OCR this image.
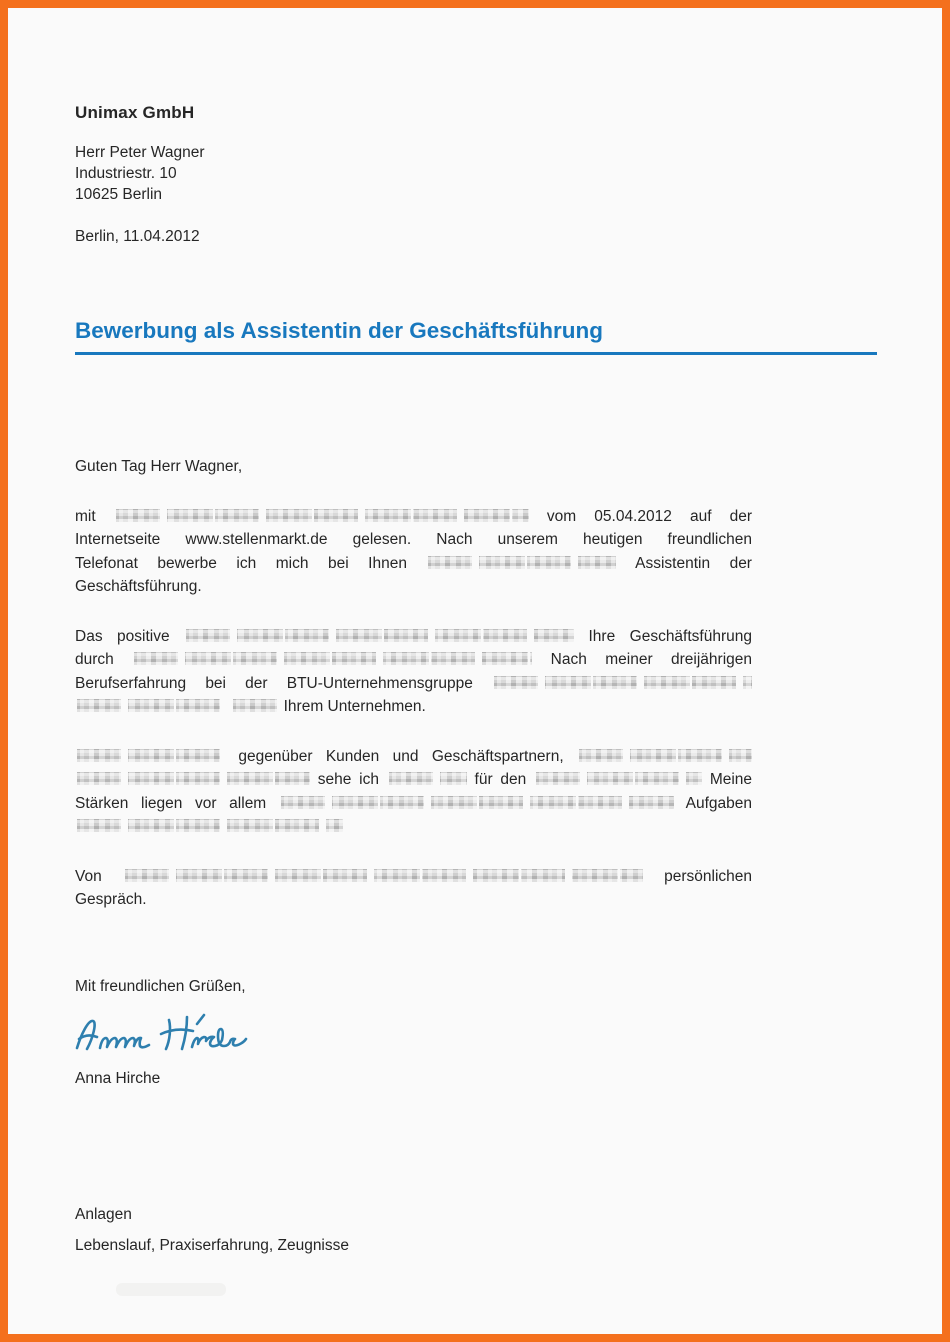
Unimax GmbH
Herr Peter Wagner
Industriestr. 10
10625 Berlin
Berlin, 11.04.2012
Bewerbung als Assistentin der Geschäftsführung
Guten Tag Herr Wagner,
mit	vom 05.04.2012 auf der
Internetseite www.stellenmarkt.de gelesen. Nach unserem heutigen freundlichen
Telefonat bewerbe ich mich bei Ihnen	Assistentin der
Geschäftsführung.
Das positive	Ihre Geschäftsführung
durch	Nach meiner dreijährigen
Berufserfahrung bei der BTU-Unternehmensgruppe
Ihrem Unternehmen.
gegenüber Kunden und Geschäftspartnern,
sehe ich	für den	Meine
Stärken liegen vor allem	Aufgaben
Von	persönlichen
Gespräch.
Mit freundlichen Grüßen,
Anna Hirche
Anlagen
Lebenslauf, Praxiserfahrung, Zeugnisse
